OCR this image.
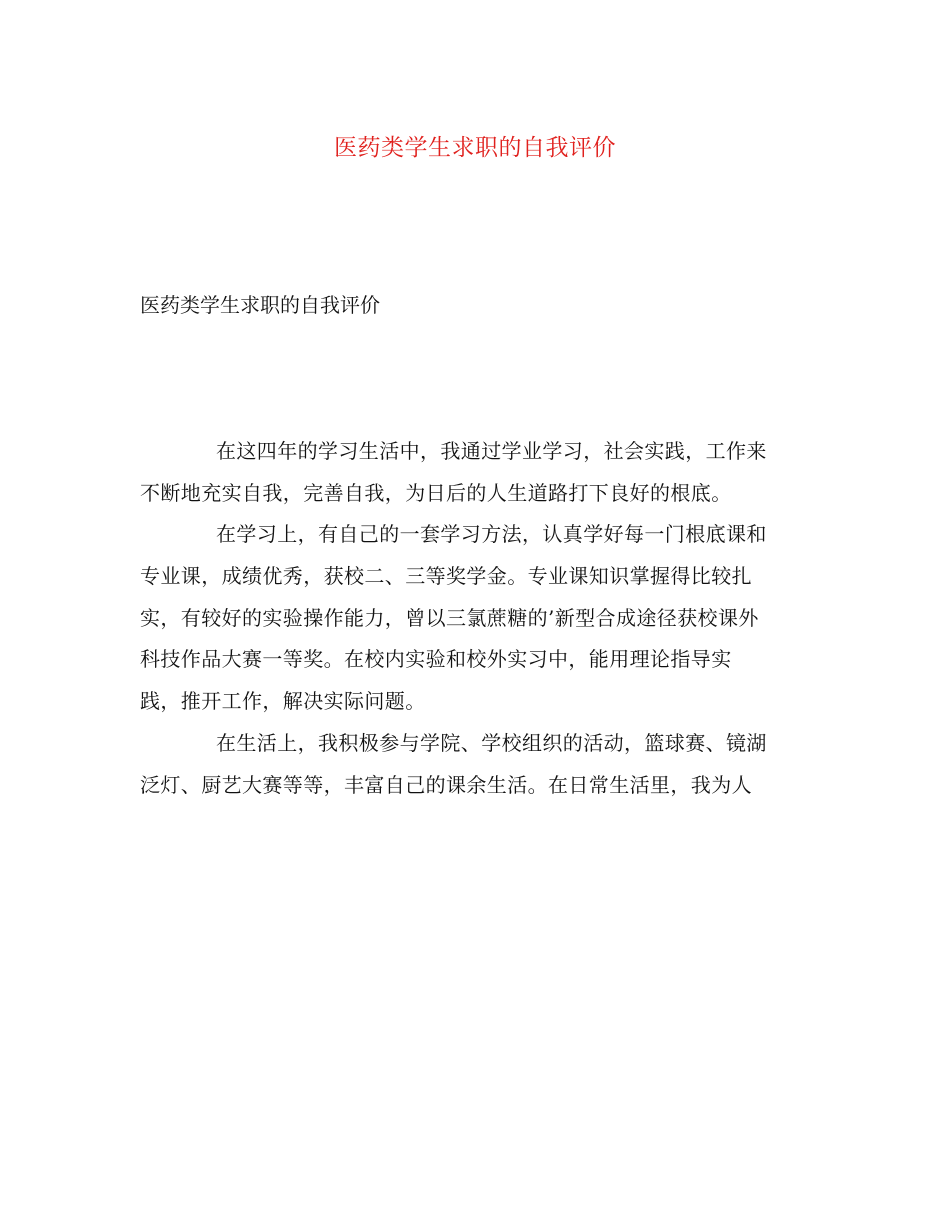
医药类学生求职的自我评价
医药类学生求职的自我评价

在这四年的学习生活中，我通过学业学习，社会实践，工作来
不断地充实自我，完善自我，为日后的人生道路打下良好的根底。

在学习上，有自己的一套学习方法，认真学好每一门根底课和
专业课，成绩优秀，获校二、三等奖学金。专业课知识掌握得比较扎
实，有较好的实验操作能力，曾以三氯蔗糖的’新型合成途径获校课外
科技作品大赛一等奖。在校内实验和校外实习中，能用理论指导实
践，推开工作，解决实际问题。

在生活上，我积极参与学院、学校组织的活动，篮球赛、镜湖
泛灯、厨艺大赛等等，丰富自己的课余生活。在日常生活里，我为人
